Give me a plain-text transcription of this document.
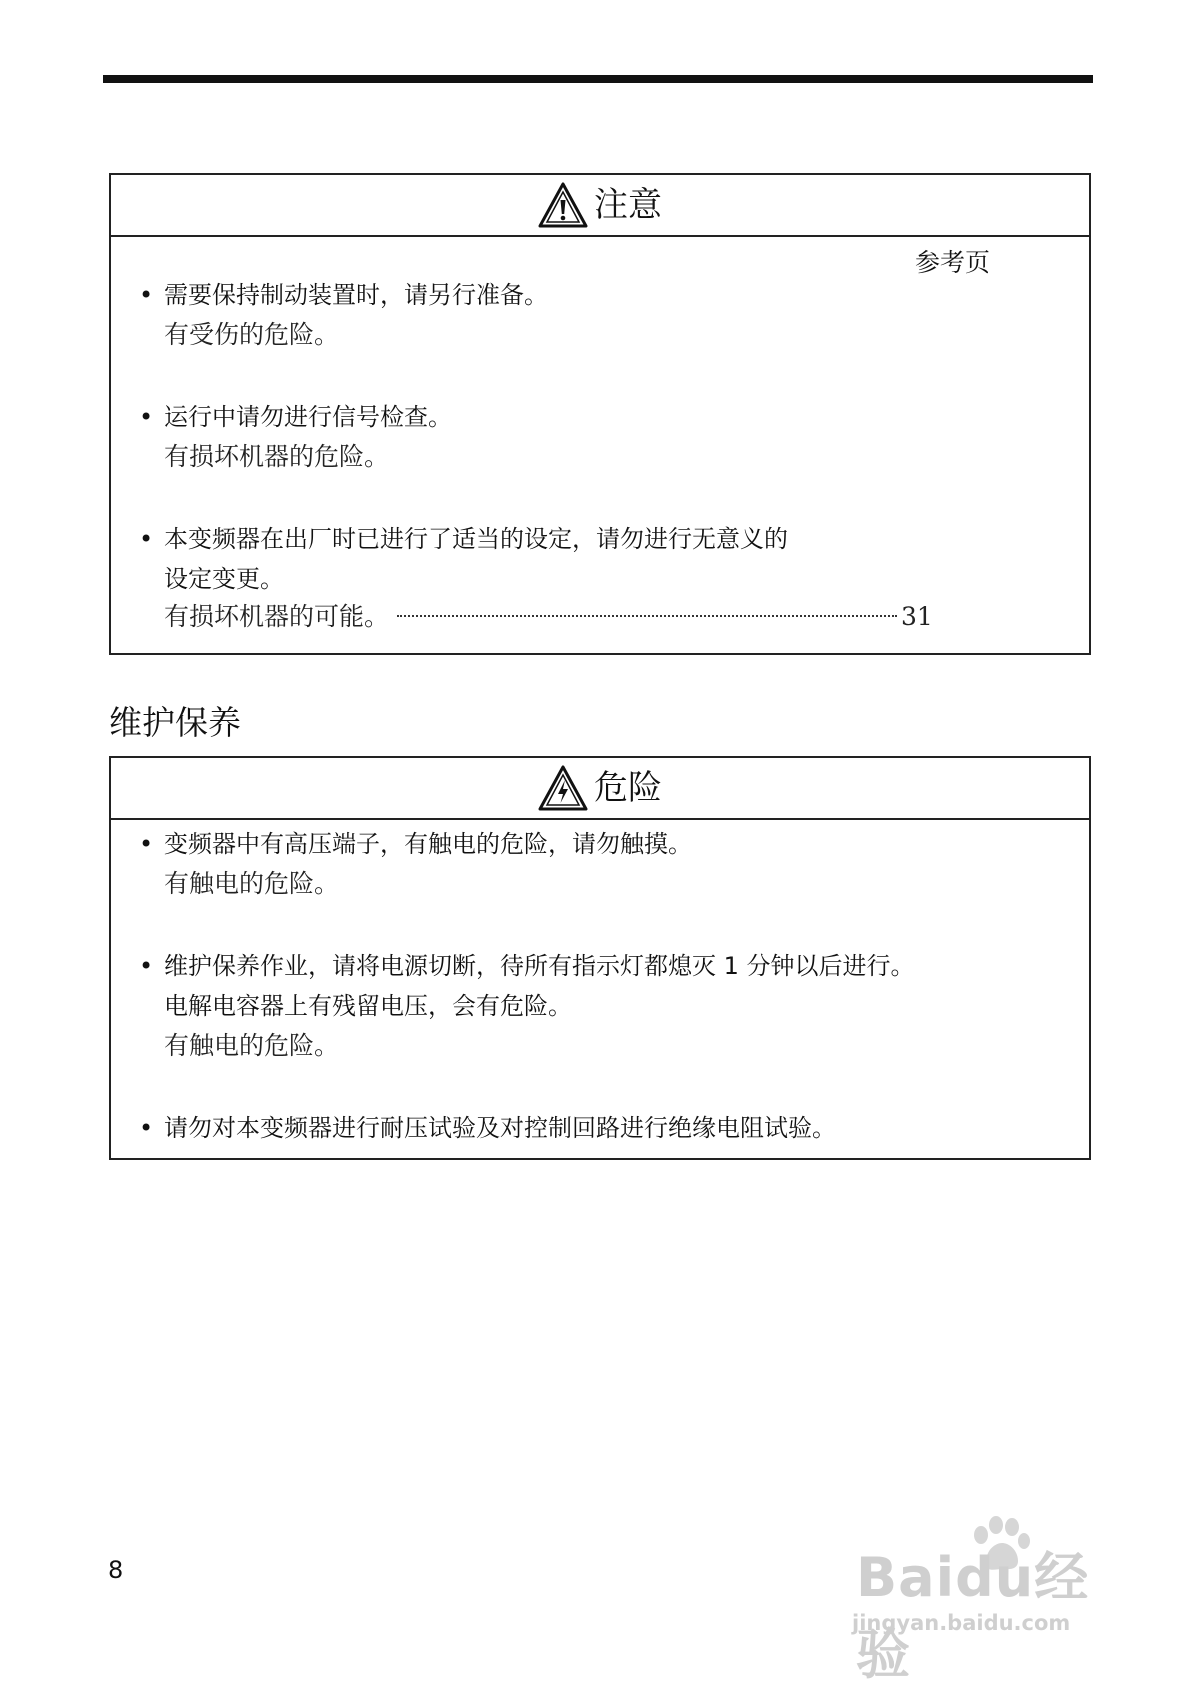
注意
参考页
• 需要保持制动装置时，请另行准备。
有受伤的危险。
• 运行中请勿进行信号检查。
有损坏机器的危险。
• 本变频器在出厂时已进行了适当的设定，请勿进行无意义的
设定变更。
有损坏机器的可能。	31
维护保养
危险
• 变频器中有高压端子，有触电的危险，请勿触摸。
有触电的危险。
• 维护保养作业，请将电源切断，待所有指示灯都熄灭 1 分钟以后进行。
电解电容器上有残留电压，会有危险。
有触电的危险。
• 请勿对本变频器进行耐压试验及对控制回路进行绝缘电阻试验。
8	Baidu经验
jingyan.baidu.com
